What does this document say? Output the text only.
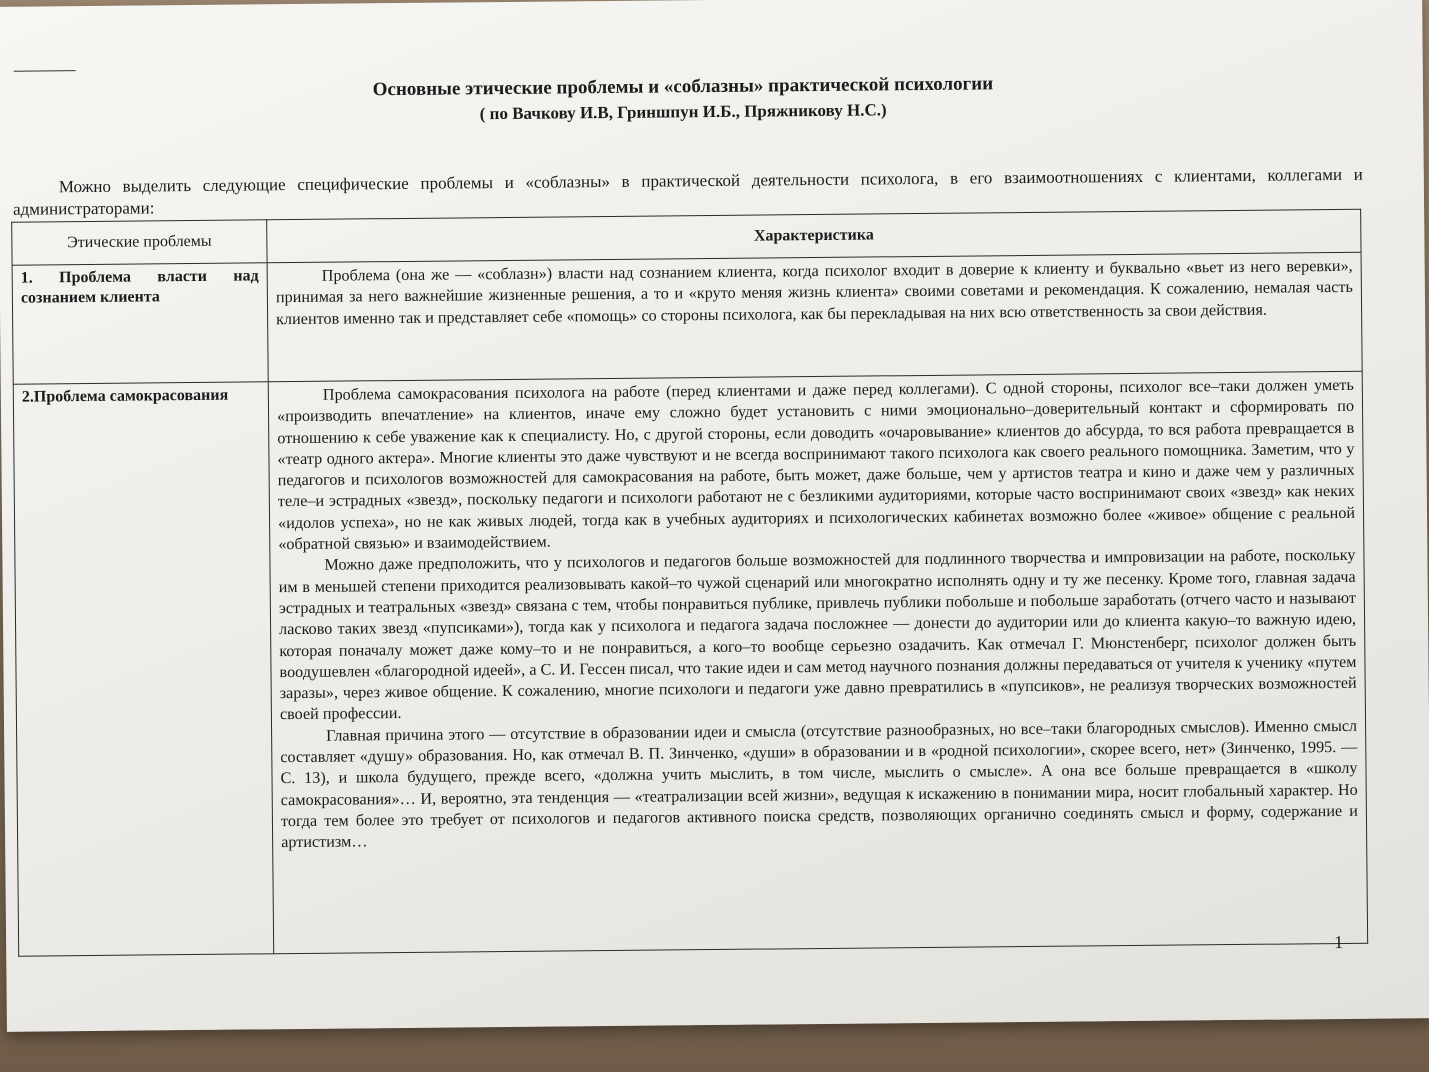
Основные этические проблемы и «соблазны» практической психологии
( по Вачкову И.В, Гриншпун И.Б., Пряжникову Н.С.)
Можно выделить следующие специфические проблемы и «соблазны» в практической деятельности психолога, в его взаимоотношениях с клиентами, коллегами и администраторами:
Этические проблемы	Характеристика
1. Проблема власти над сознанием клиента	Проблема (она же — «соблазн») власти над сознанием клиента, когда психолог входит в доверие к клиенту и буквально «вьет из него веревки», принимая за него важнейшие жизненные решения, а то и «круто меняя жизнь клиента» своими советами и рекомендация. К сожалению, немалая часть клиентов именно так и представляет себе «помощь» со стороны психолога, как бы перекладывая на них всю ответственность за свои действия.

2.Проблема самокрасования	Проблема самокрасования психолога на работе (перед клиентами и даже перед коллегами). С одной стороны, психолог все–таки должен уметь «производить впечатление» на клиентов, иначе ему сложно будет установить с ними эмоционально–доверительный контакт и сформировать по отношению к себе уважение как к специалисту. Но, с другой стороны, если доводить «очаровывание» клиентов до абсурда, то вся работа превращается в «театр одного актера». Многие клиенты это даже чувствуют и не всегда воспринимают такого психолога как своего реального помощника. Заметим, что у педагогов и психологов возможностей для самокрасования на работе, быть может, даже больше, чем у артистов театра и кино и даже чем у различных теле–и эстрадных «звезд», поскольку педагоги и психологи работают не с безликими аудиториями, которые часто воспринимают своих «звезд» как неких «идолов успеха», но не как живых людей, тогда как в учебных аудиториях и психологических кабинетах возможно более «живое» общение с реальной «обратной связью» и взаимодействием.

Можно даже предположить, что у психологов и педагогов больше возможностей для подлинного творчества и импровизации на работе, поскольку им в меньшей степени приходится реализовывать какой–то чужой сценарий или многократно исполнять одну и ту же песенку. Кроме того, главная задача эстрадных и театральных «звезд» связана с тем, чтобы понравиться публике, привлечь публики побольше и побольше заработать (отчего часто и называют ласково таких звезд «пупсиками»), тогда как у психолога и педагога задача посложнее — донести до аудитории или до клиента какую–то важную идею, которая поначалу может даже кому–то и не понравиться, а кого–то вообще серьезно озадачить. Как отмечал Г. Мюнстенберг, психолог должен быть воодушевлен «благородной идеей», а С. И. Гессен писал, что такие идеи и сам метод научного познания должны передаваться от учителя к ученику «путем заразы», через живое общение. К сожалению, многие психологи и педагоги уже давно превратились в «пупсиков», не реализуя творческих возможностей своей профессии.

Главная причина этого — отсутствие в образовании идеи и смысла (отсутствие разнообразных, но все–таки благородных смыслов). Именно смысл составляет «душу» образования. Но, как отмечал В. П. Зинченко, «души» в образовании и в «родной психологии», скорее всего, нет» (Зинченко, 1995. — С. 13), и школа будущего, прежде всего, «должна учить мыслить, в том числе, мыслить о смысле». А она все больше превращается в «школу самокрасования»… И, вероятно, эта тенденция — «театрализации всей жизни», ведущая к искажению в понимании мира, носит глобальный характер. Но тогда тем более это требует от психологов и педагогов активного поиска средств, позволяющих органично соединять смысл и форму, содержание и артистизм…

1
